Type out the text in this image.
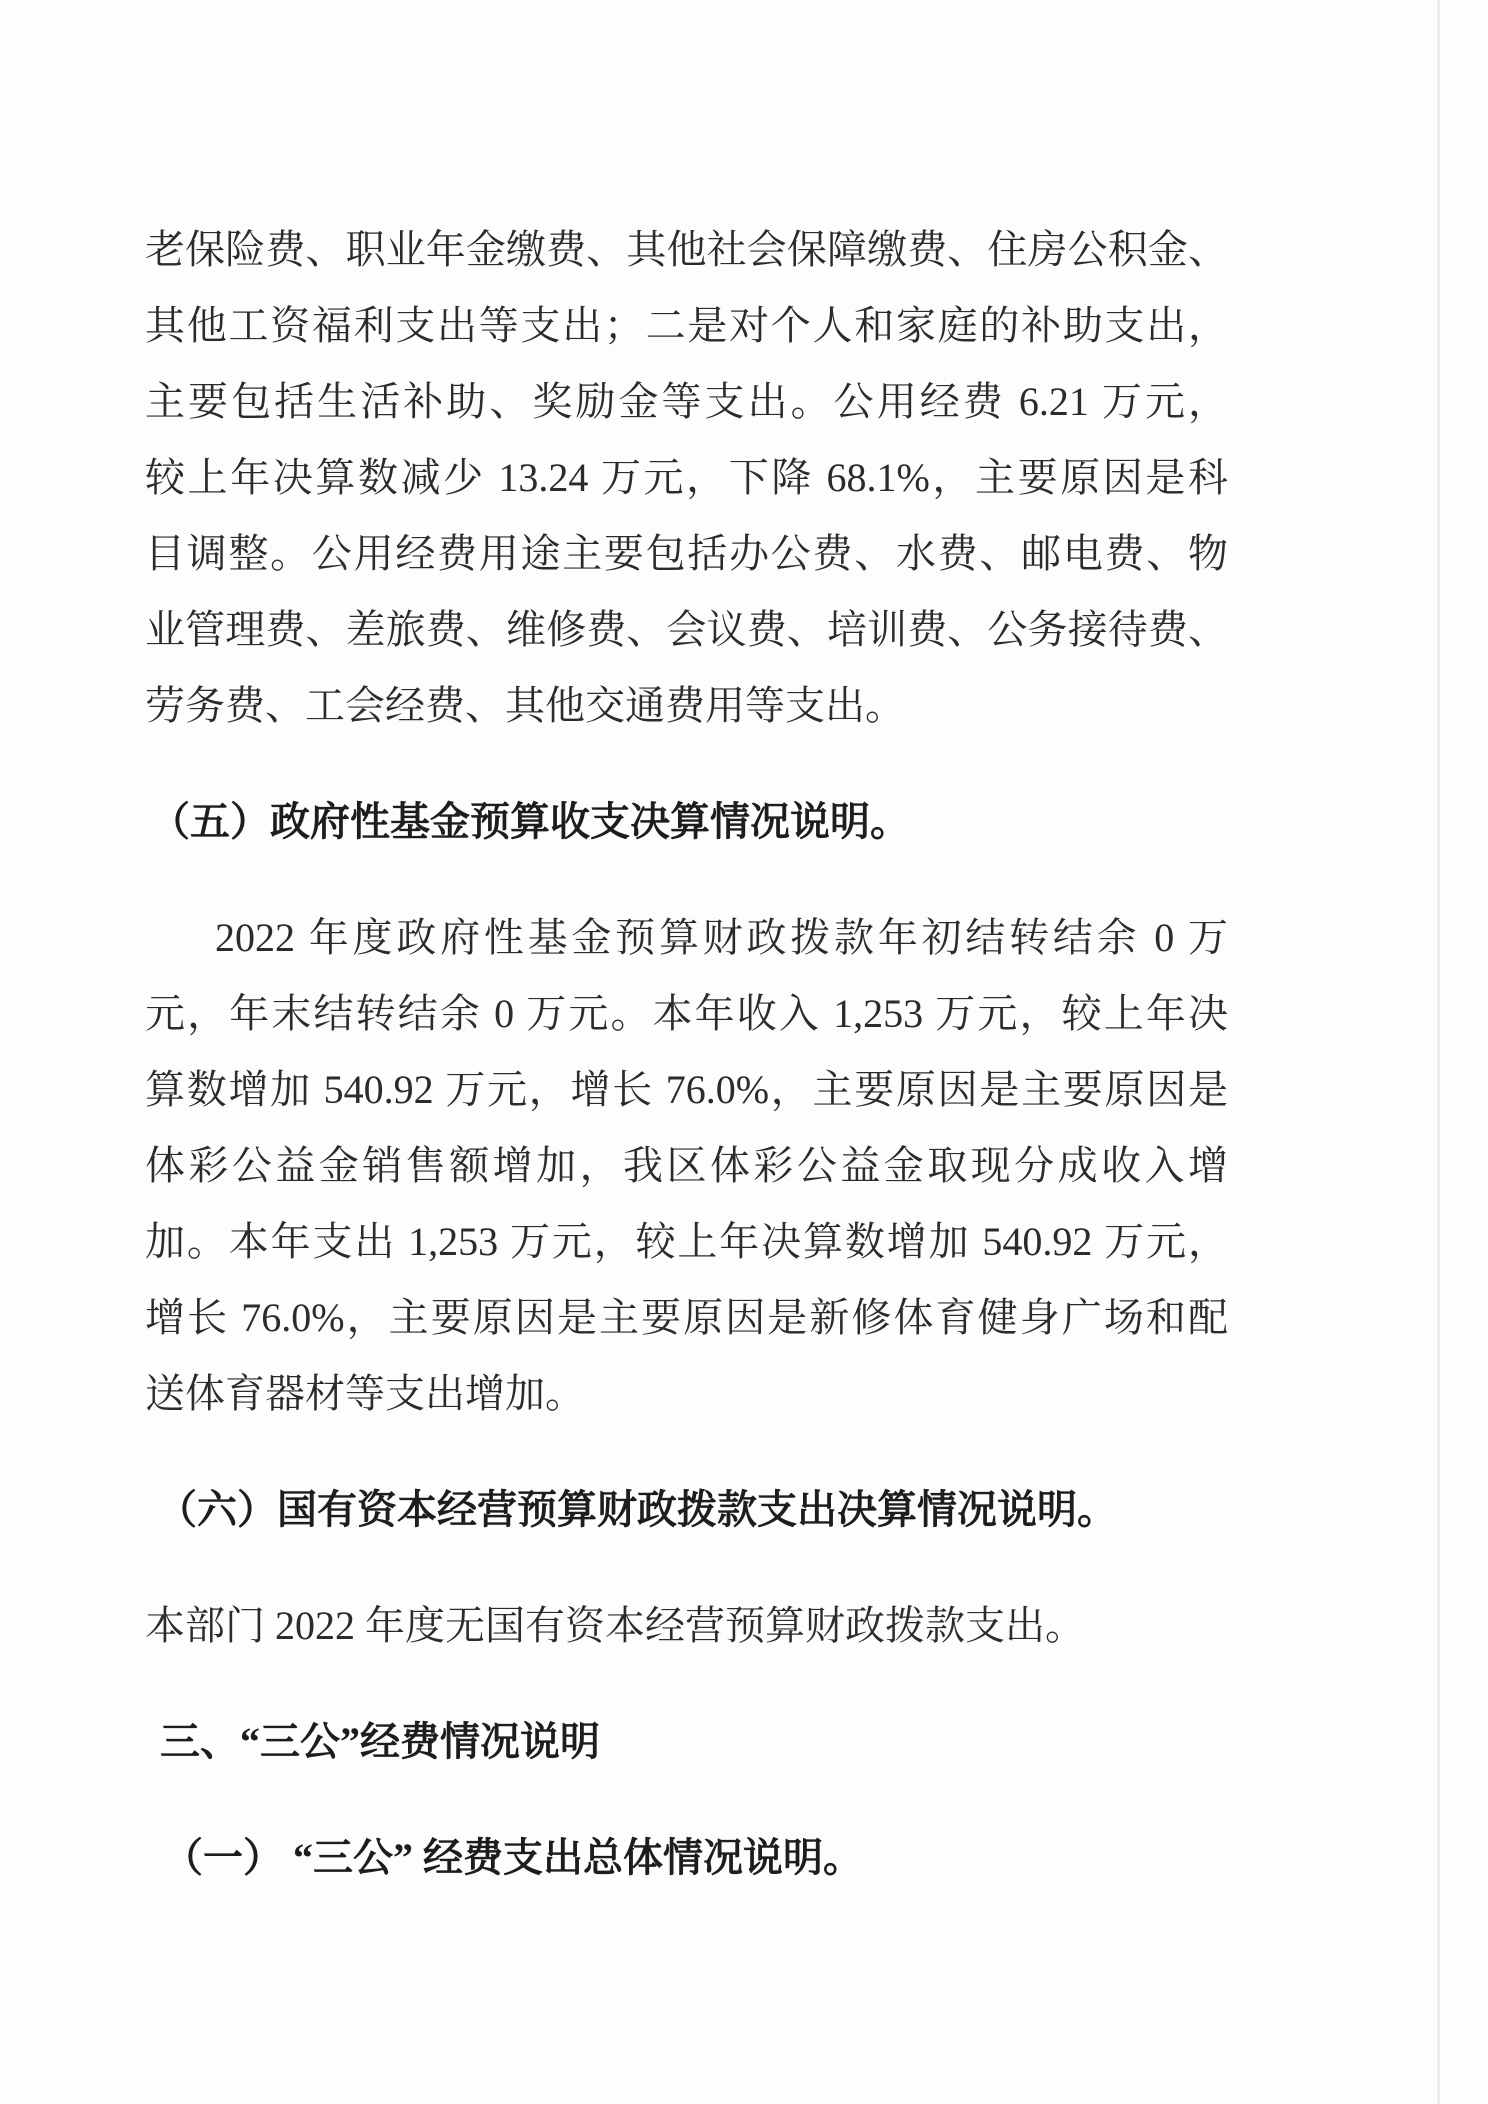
老保险费、职业年金缴费、其他社会保障缴费、住房公积金、
其他工资福利支出等支出；二是对个人和家庭的补助支出，
主要包括生活补助、奖励金等支出。公用经费 6.21 万元，
较上年决算数减少 13.24 万元，下降 68.1%，主要原因是科
目调整。公用经费用途主要包括办公费、水费、邮电费、物
业管理费、差旅费、维修费、会议费、培训费、公务接待费、
劳务费、工会经费、其他交通费用等支出。
（五）政府性基金预算收支决算情况说明。
2022 年度政府性基金预算财政拨款年初结转结余 0 万
元，年末结转结余 0 万元。本年收入 1,253 万元，较上年决
算数增加 540.92 万元，增长 76.0%，主要原因是主要原因是
体彩公益金销售额增加，我区体彩公益金取现分成收入增
加。本年支出 1,253 万元，较上年决算数增加 540.92 万元，
增长 76.0%，主要原因是主要原因是新修体育健身广场和配
送体育器材等支出增加。
（六）国有资本经营预算财政拨款支出决算情况说明。

本部门 2022 年度无国有资本经营预算财政拨款支出。

三、“三公”经费情况说明
（一） “三公” 经费支出总体情况说明。
